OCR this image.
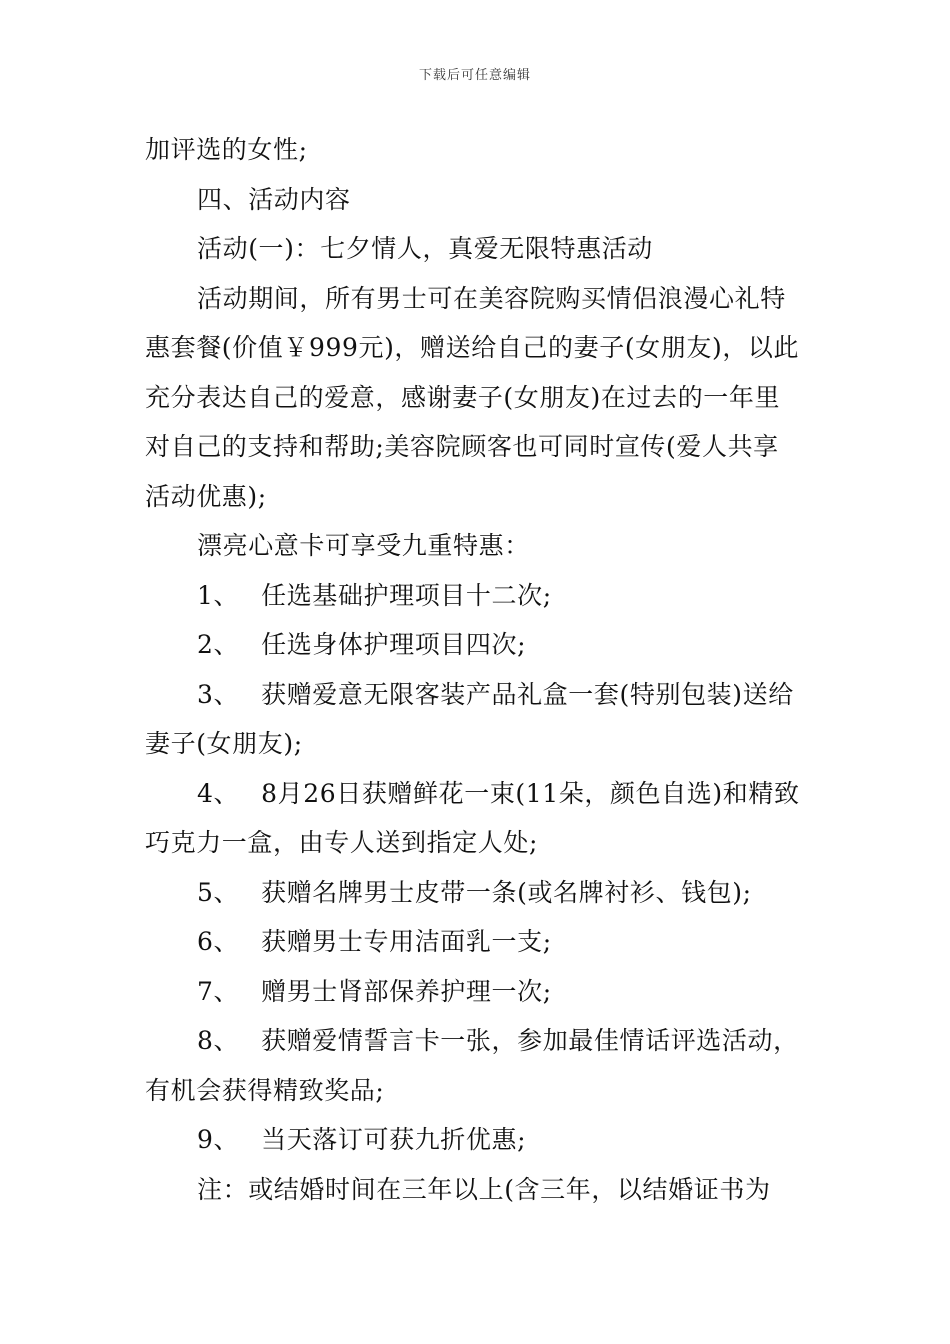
下载后可任意编辑
加评选的女性;
四、活动内容
活动(一)：七夕情人，真爱无限特惠活动
活动期间，所有男士可在美容院购买情侣浪漫心礼特
惠套餐(价值￥999元)，赠送给自己的妻子(女朋友)，以此
充分表达自己的爱意，感谢妻子(女朋友)在过去的一年里
对自己的支持和帮助;美容院顾客也可同时宣传(爱人共享
活动优惠);
漂亮心意卡可享受九重特惠：
1、 任选基础护理项目十二次;
2、 任选身体护理项目四次;
3、 获赠爱意无限客装产品礼盒一套(特别包装)送给
妻子(女朋友);
4、 8月26日获赠鲜花一束(11朵，颜色自选)和精致
巧克力一盒，由专人送到指定人处;
5、 获赠名牌男士皮带一条(或名牌衬衫、钱包);
6、 获赠男士专用洁面乳一支;
7、 赠男士肾部保养护理一次;
8、 获赠爱情誓言卡一张，参加最佳情话评选活动，
有机会获得精致奖品;
9、 当天落订可获九折优惠;
注：或结婚时间在三年以上(含三年，以结婚证书为
